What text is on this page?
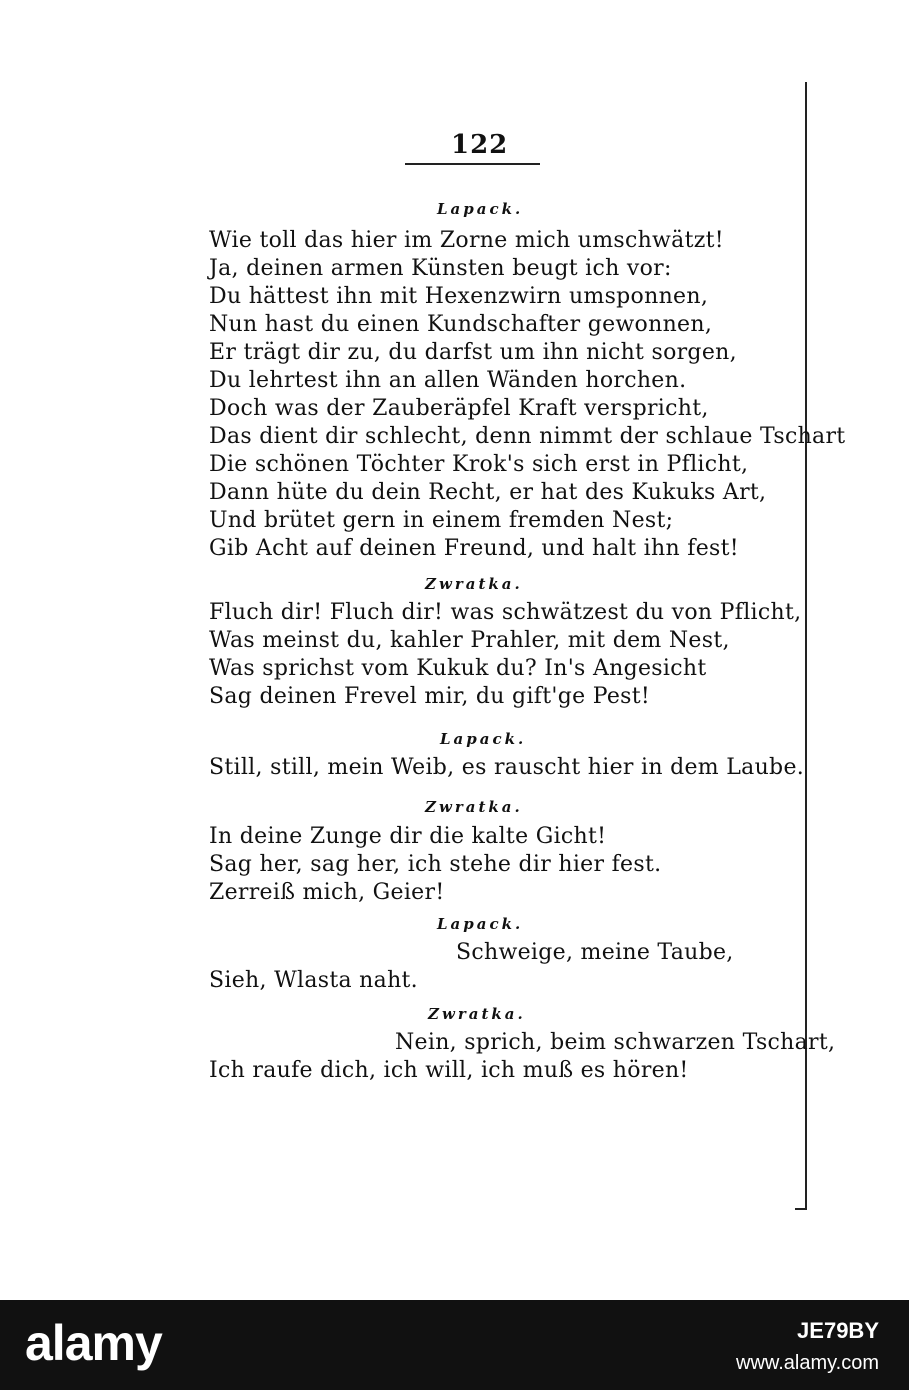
122
Lapack.
Wie toll das hier im Zorne mich umschwätzt!
Ja, deinen armen Künsten beugt ich vor:
Du hättest ihn mit Hexenzwirn umsponnen,
Nun hast du einen Kundschafter gewonnen,
Er trägt dir zu, du darfst um ihn nicht sorgen,
Du lehrtest ihn an allen Wänden horchen.
Doch was der Zauberäpfel Kraft verspricht,
Das dient dir schlecht, denn nimmt der schlaue Tschart
Die schönen Töchter Krok's sich erst in Pflicht,
Dann hüte du dein Recht, er hat des Kukuks Art,
Und brütet gern in einem fremden Nest;
Gib Acht auf deinen Freund, und halt ihn fest!
Zwratka.
Fluch dir! Fluch dir! was schwätzest du von Pflicht,
Was meinst du, kahler Prahler, mit dem Nest,
Was sprichst vom Kukuk du? In's Angesicht
Sag deinen Frevel mir, du gift'ge Pest!
Lapack.
Still, still, mein Weib, es rauscht hier in dem Laube.
Zwratka.
In deine Zunge dir die kalte Gicht!
Sag her, sag her, ich stehe dir hier fest.
Zerreiß mich, Geier!
Lapack.
Schweige, meine Taube,
Sieh, Wlasta naht.
Zwratka.
Nein, sprich, beim schwarzen Tschart,
Ich raufe dich, ich will, ich muß es hören!
alamy	JE79BY
www.alamy.com
